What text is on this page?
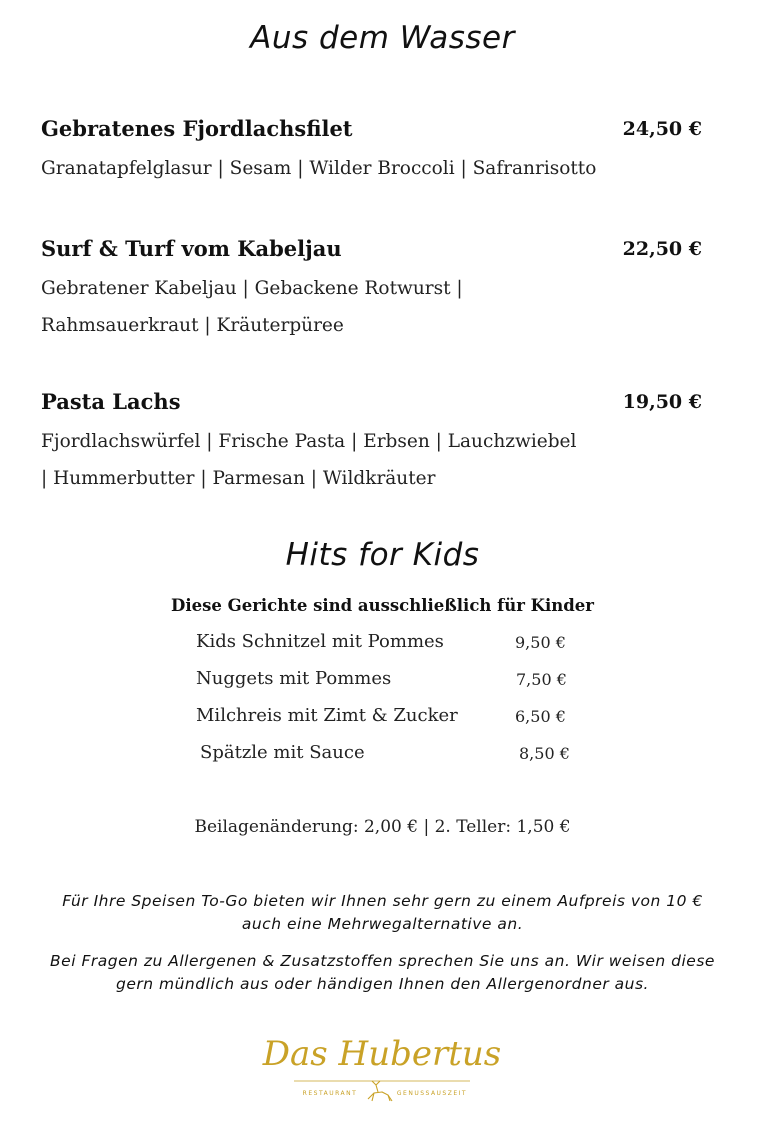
Aus dem Wasser
Gebratenes Fjordlachsfilet	24,50 €
Granatapfelglasur | Sesam | Wilder Broccoli | Safranrisotto
Surf & Turf vom Kabeljau	22,50 €
Gebratener Kabeljau | Gebackene Rotwurst | Rahmsauerkraut | Kräuterpüree
Pasta Lachs	19,50 €
Fjordlachswürfel | Frische Pasta | Erbsen | Lauchzwiebel | Hummerbutter | Parmesan | Wildkräuter
Hits for Kids
Diese Gerichte sind ausschließlich für Kinder
Kids Schnitzel mit Pommes	9,50 €
Nuggets mit Pommes	7,50 €
Milchreis mit Zimt & Zucker	6,50 €
Spätzle mit Sauce	8,50 €
Beilagenänderung: 2,00 € | 2. Teller: 1,50 €
Für Ihre Speisen To-Go bieten wir Ihnen sehr gern zu einem Aufpreis von 10 € auch eine Mehrwegalternative an.
Bei Fragen zu Allergenen & Zusatzstoffen sprechen Sie uns an. Wir weisen diese gern mündlich aus oder händigen Ihnen den Allergenordner aus.
Das Hubertus
RESTAURANT	GENUSSAUSZEIT
